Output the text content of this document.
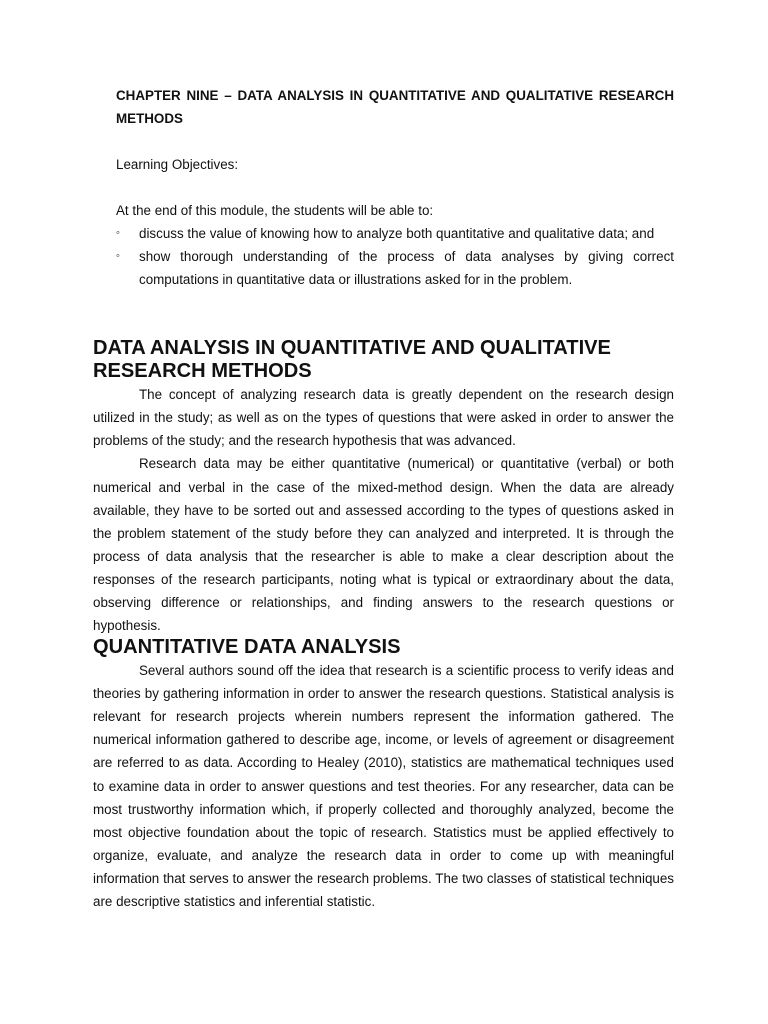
CHAPTER NINE – DATA ANALYSIS IN QUANTITATIVE AND QUALITATIVE RESEARCH METHODS

Learning Objectives:

At the end of this module, the students will be able to:

◦ discuss the value of knowing how to analyze both quantitative and qualitative data; and
◦ show thorough understanding of the process of data analyses by giving correct computations in quantitative data or illustrations asked for in the problem.
DATA ANALYSIS IN QUANTITATIVE AND QUALITATIVE RESEARCH METHODS

The concept of analyzing research data is greatly dependent on the research design utilized in the study; as well as on the types of questions that were asked in order to answer the problems of the study; and the research hypothesis that was advanced.

Research data may be either quantitative (numerical) or quantitative (verbal) or both numerical and verbal in the case of the mixed-method design. When the data are already available, they have to be sorted out and assessed according to the types of questions asked in the problem statement of the study before they can analyzed and interpreted. It is through the process of data analysis that the researcher is able to make a clear description about the responses of the research participants, noting what is typical or extraordinary about the data, observing difference or relationships, and finding answers to the research questions or hypothesis.

QUANTITATIVE DATA ANALYSIS

Several authors sound off the idea that research is a scientific process to verify ideas and theories by gathering information in order to answer the research questions. Statistical analysis is relevant for research projects wherein numbers represent the information gathered. The numerical information gathered to describe age, income, or levels of agreement or disagreement are referred to as data. According to Healey (2010), statistics are mathematical techniques used to examine data in order to answer questions and test theories. For any researcher, data can be most trustworthy information which, if properly collected and thoroughly analyzed, become the most objective foundation about the topic of research. Statistics must be applied effectively to organize, evaluate, and analyze the research data in order to come up with meaningful information that serves to answer the research problems. The two classes of statistical techniques are descriptive statistics and inferential statistic.
